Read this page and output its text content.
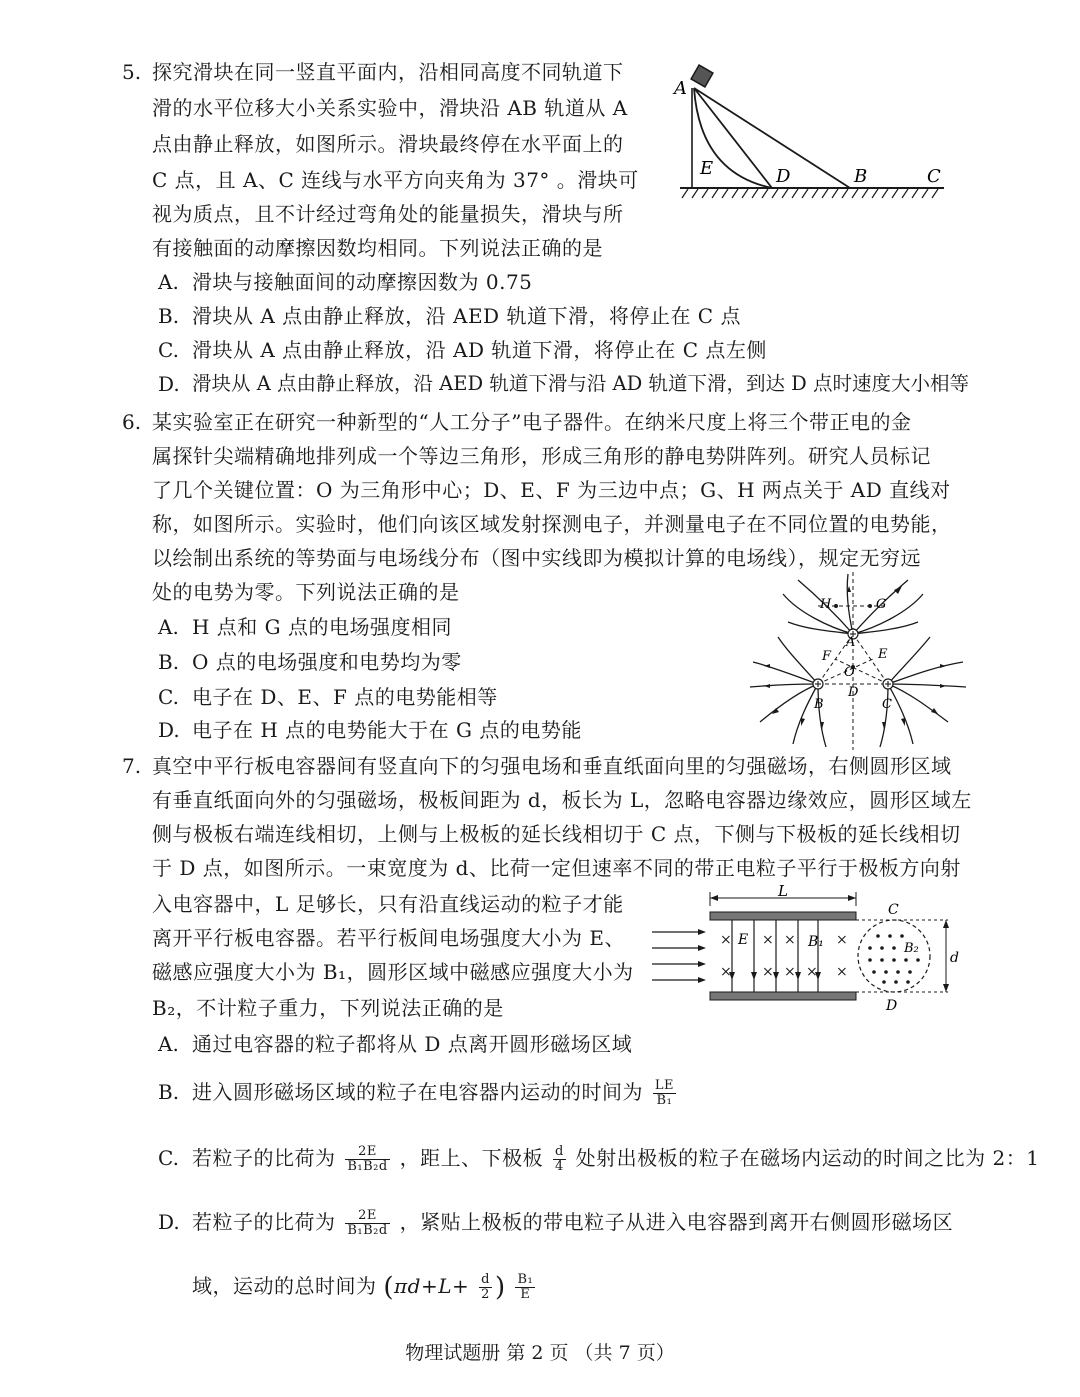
5. 探究滑块在同一竖直平面内，沿相同高度不同轨道下
滑的水平位移大小关系实验中，滑块沿 AB 轨道从 A
点由静止释放，如图所示。滑块最终停在水平面上的
C 点，且 A、C 连线与水平方向夹角为 37° 。滑块可
视为质点，且不计经过弯角处的能量损失，滑块与所
有接触面的动摩擦因数均相同。下列说法正确的是
A. 滑块与接触面间的动摩擦因数为 0.75
B. 滑块从 A 点由静止释放，沿 AED 轨道下滑，将停止在 C 点
C. 滑块从 A 点由静止释放，沿 AD 轨道下滑，将停止在 C 点左侧
D. 滑块从 A 点由静止释放，沿 AED 轨道下滑与沿 AD 轨道下滑，到达 D 点时速度大小相等
A
E	D	B	C
6. 某实验室正在研究一种新型的“人工分子”电子器件。在纳米尺度上将三个带正电的金
属探针尖端精确地排列成一个等边三角形，形成三角形的静电势阱阵列。研究人员标记
了几个关键位置：O 为三角形中心；D、E、F 为三边中点；G、H 两点关于 AD 直线对
称，如图所示。实验时，他们向该区域发射探测电子，并测量电子在不同位置的电势能，
以绘制出系统的等势面与电场线分布（图中实线即为模拟计算的电场线），规定无穷远
处的电势为零。下列说法正确的是
A. H 点和 G 点的电场强度相同
B. O 点的电场强度和电势均为零
C. 电子在 D、E、F 点的电势能相等
D. 电子在 H 点的电势能大于在 G 点的电势能
H	G
A
F	E
O
D
B	C
7. 真空中平行板电容器间有竖直向下的匀强电场和垂直纸面向里的匀强磁场，右侧圆形区域
有垂直纸面向外的匀强磁场，极板间距为 d，板长为 L，忽略电容器边缘效应，圆形区域左
侧与极板右端连线相切，上侧与上极板的延长线相切于 C 点，下侧与下极板的延长线相切
于 D 点，如图所示。一束宽度为 d、比荷一定但速率不同的带正电粒子平行于极板方向射
入电容器中，L 足够长，只有沿直线运动的粒子才能
离开平行板电容器。若平行板间电场强度大小为 E、
磁感应强度大小为 B₁，圆形区域中磁感应强度大小为
B₂，不计粒子重力，下列说法正确的是
L
× × ×	×
× × × × ×
E	B₁	B₂
C
D
d
A. 通过电容器的粒子都将从 D 点离开圆形磁场区域
B. 进入圆形磁场区域的粒子在电容器内运动的时间为 $\frac{LE}{\text{B₁}}$
C. 若粒子的比荷为 $\frac{2E}{\text{B₁B₂d}}$ ，距上、下极板 $\frac{d}{4}$ 处射出极板的粒子在磁场内运动的时间之比为 2：1
D. 若粒子的比荷为 $\frac{2E}{\text{B₁B₂d}}$ ，紧贴上极板的带电粒子从进入电容器到离开右侧圆形磁场区
域，运动的总时间为 ($\pi d+L+ \frac{d}{2}$ ) $\frac{\text{B₁}}{E}$
物理试题册 第 2 页 （共 7 页）
